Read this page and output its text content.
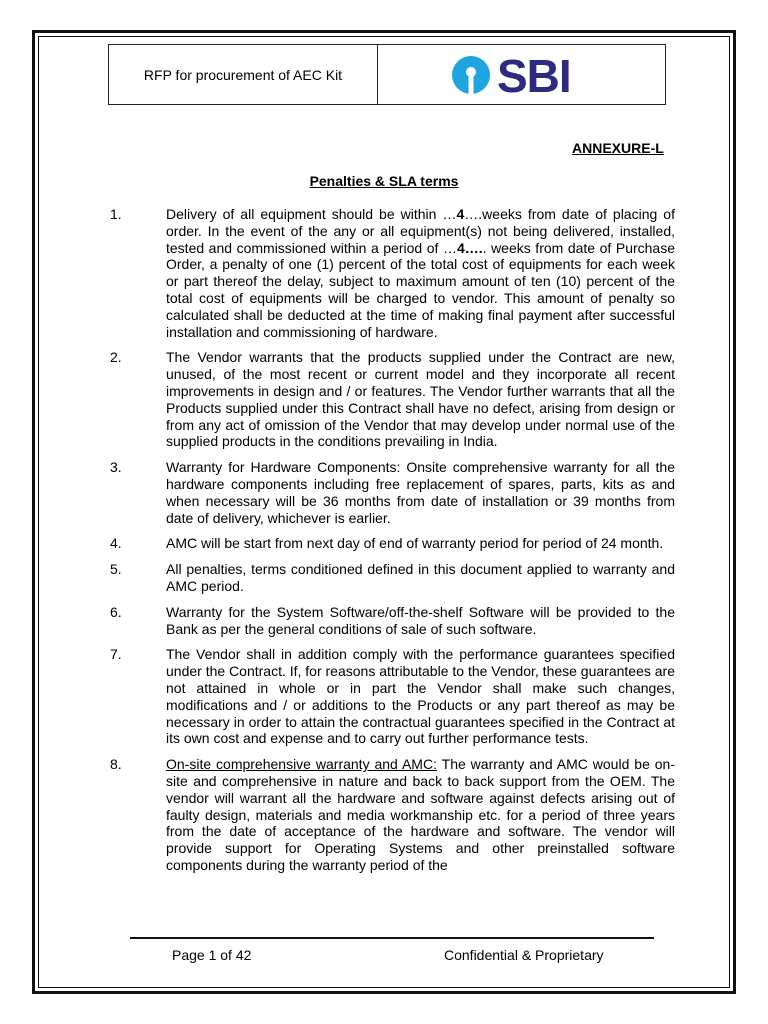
RFP for procurement of AEC Kit	SBI
ANNEXURE-L
Penalties & SLA terms
1.	Delivery of all equipment should be within …4….weeks from date of placing of order. In the event of the any or all equipment(s) not being delivered, installed, tested and commissioned within a period of …4….. weeks from date of Purchase Order, a penalty of one (1) percent of the total cost of equipments for each week or part thereof the delay, subject to maximum amount of ten (10) percent of the total cost of equipments will be charged to vendor. This amount of penalty so calculated shall be deducted at the time of making final payment after successful installation and commissioning of hardware.
2.	The Vendor warrants that the products supplied under the Contract are new, unused, of the most recent or current model and they incorporate all recent improvements in design and / or features. The Vendor further warrants that all the Products supplied under this Contract shall have no defect, arising from design or from any act of omission of the Vendor that may develop under normal use of the supplied products in the conditions prevailing in India.
3.	Warranty for Hardware Components: Onsite comprehensive warranty for all the hardware components including free replacement of spares, parts, kits as and when necessary will be 36 months from date of installation or 39 months from date of delivery, whichever is earlier.
4.	AMC will be start from next day of end of warranty period for period of 24 month.
5.	All penalties, terms conditioned defined in this document applied to warranty and AMC period.
6.	Warranty for the System Software/off-the-shelf Software will be provided to the Bank as per the general conditions of sale of such software.
7.	The Vendor shall in addition comply with the performance guarantees specified under the Contract. If, for reasons attributable to the Vendor, these guarantees are not attained in whole or in part the Vendor shall make such changes, modifications and / or additions to the Products or any part thereof as may be necessary in order to attain the contractual guarantees specified in the Contract at its own cost and expense and to carry out further performance tests.
8.	On-site comprehensive warranty and AMC: The warranty and AMC would be on-site and comprehensive in nature and back to back support from the OEM. The vendor will warrant all the hardware and software against defects arising out of faulty design, materials and media workmanship etc. for a period of three years from the date of acceptance of the hardware and software. The vendor will provide support for Operating Systems and other preinstalled software components during the warranty period of the
Page 1 of 42	Confidential & Proprietary
